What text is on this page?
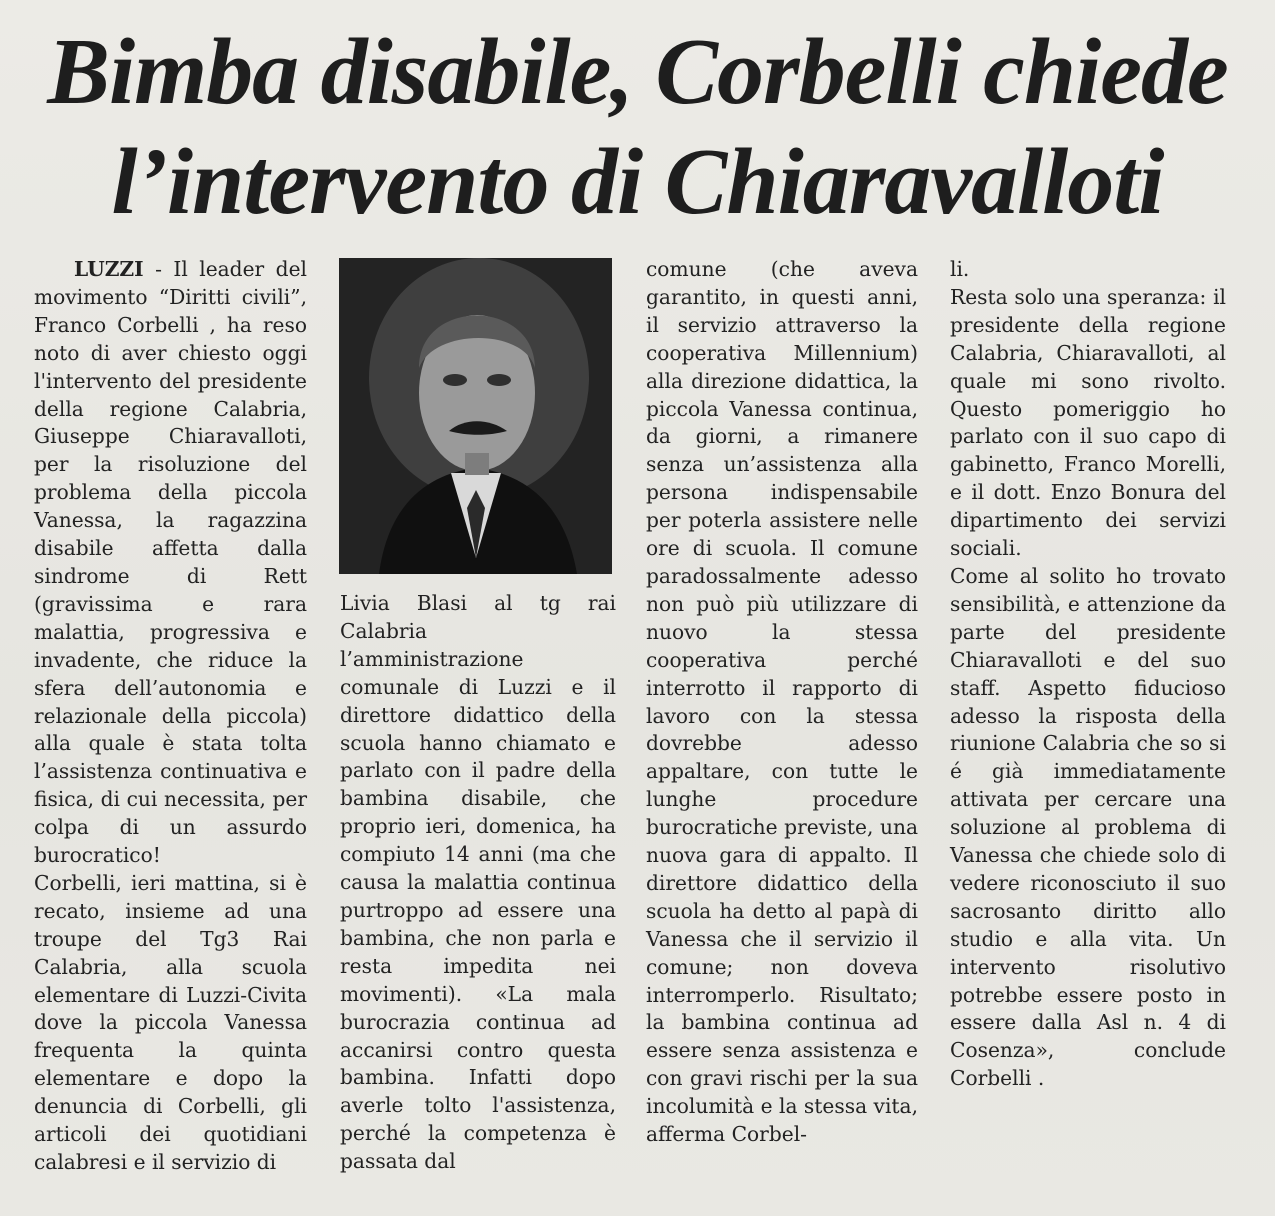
Bimba disabile, Corbelli chiede
l’intervento di Chiaravalloti

LUZZI - Il leader del movimento “Diritti civili”, Franco Corbelli , ha reso noto di aver chiesto oggi l'intervento del presidente della regione Calabria, Giuseppe Chiaravalloti, per la risoluzione del problema della piccola Vanessa, la ragazzina disabile affetta dalla sindrome di Rett (gravissima e rara malattia, progressiva e invadente, che riduce la sfera dell’autonomia e relazionale della piccola) alla quale è stata tolta l’assistenza continuativa e fisica, di cui necessita, per colpa di un assurdo burocratico!

Corbelli, ieri mattina, si è recato, insieme ad una troupe del Tg3 Rai Calabria, alla scuola elementare di Luzzi-Civita dove la piccola Vanessa frequenta la quinta elementare e dopo la denuncia di Corbelli, gli articoli dei quotidiani calabresi e il servizio di

Livia Blasi al tg rai Calabria l’amministrazione comunale di Luzzi e il direttore didattico della scuola hanno chiamato e parlato con il padre della bambina disabile, che proprio ieri, domenica, ha compiuto 14 anni (ma che causa la malattia continua purtroppo ad essere una bambina, che non parla e resta impedita nei movimenti). «La mala burocrazia continua ad accanirsi contro questa bambina. Infatti dopo averle tolto l'assistenza, perché la competenza è passata dal

comune (che aveva garantito, in questi anni, il servizio attraverso la cooperativa Millennium) alla direzione didattica, la piccola Vanessa continua, da giorni, a rimanere senza un’assistenza alla persona indispensabile per poterla assistere nelle ore di scuola. Il comune paradossalmente adesso non può più utilizzare di nuovo la stessa cooperativa perché interrotto il rapporto di lavoro con la stessa dovrebbe adesso appaltare, con tutte le lunghe procedure burocratiche previste, una nuova gara di appalto. Il direttore didattico della scuola ha detto al papà di Vanessa che il servizio il comune; non doveva interromperlo. Risultato; la bambina continua ad essere senza assistenza e con gravi rischi per la sua incolumità e la stessa vita, afferma Corbel-

li.

Resta solo una speranza: il presidente della regione Calabria, Chiaravalloti, al quale mi sono rivolto. Questo pomeriggio ho parlato con il suo capo di gabinetto, Franco Morelli, e il dott. Enzo Bonura del dipartimento dei servizi sociali.

Come al solito ho trovato sensibilità, e attenzione da parte del presidente Chiaravalloti e del suo staff. Aspetto fiducioso adesso la risposta della riunione Calabria che so si é già immediatamente attivata per cercare una soluzione al problema di Vanessa che chiede solo di vedere riconosciuto il suo sacrosanto diritto allo studio e alla vita. Un intervento risolutivo potrebbe essere posto in essere dalla Asl n. 4 di Cosenza», conclude Corbelli .
